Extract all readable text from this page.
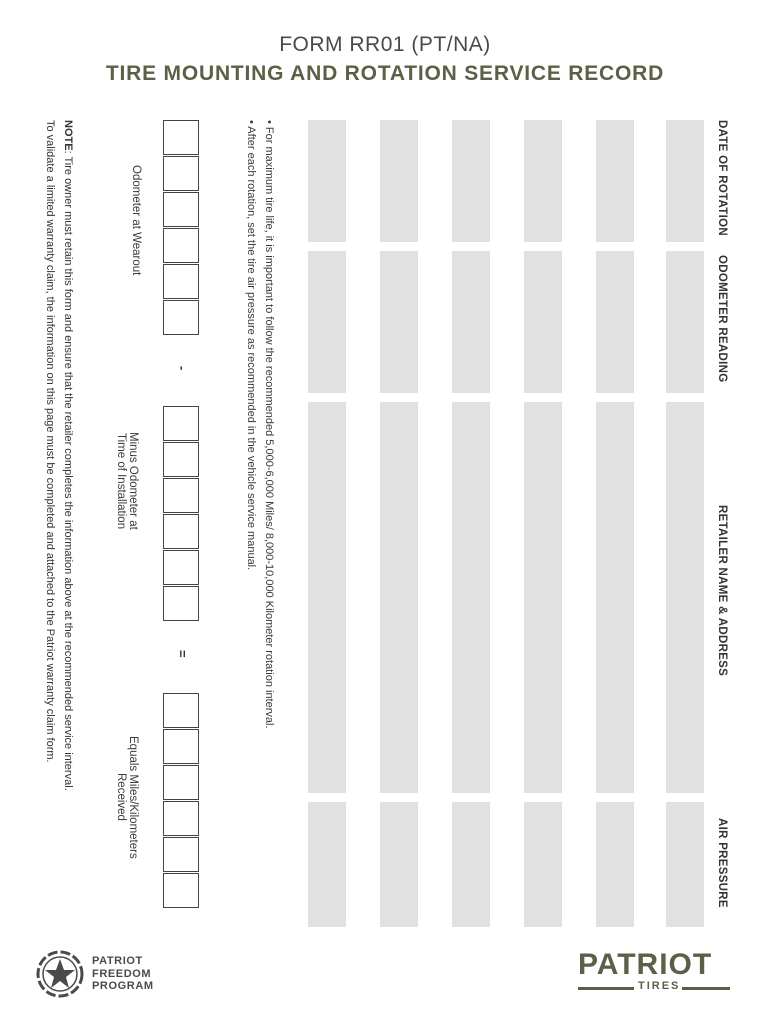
FORM RR01 (PT/NA)
TIRE MOUNTING AND ROTATION SERVICE RECORD
DATE OF ROTATION
ODOMETER READING
RETAILER NAME & ADDRESS
AIR PRESSURE
• For maximum tire life, it is important to follow the recommended 5,000-6,000 Miles/ 8,000-10,000 Kilometer rotation interval.
• After each rotation, set the tire air pressure as recommended in the vehicle service manual.
Odometer at Wearout
-
Minus Odometer at
Time of Installation
=
Equals Miles/Kilometers
Received
NOTE: Tire owner must retain this form and ensure that the retailer completes the information above at the recommended service interval.
To validate a limited warranty claim, the information on this page must be completed and attached to the Patriot warranty claim form.
PATRIOT
FREEDOM
PROGRAM
PATRIOT
TIRES
